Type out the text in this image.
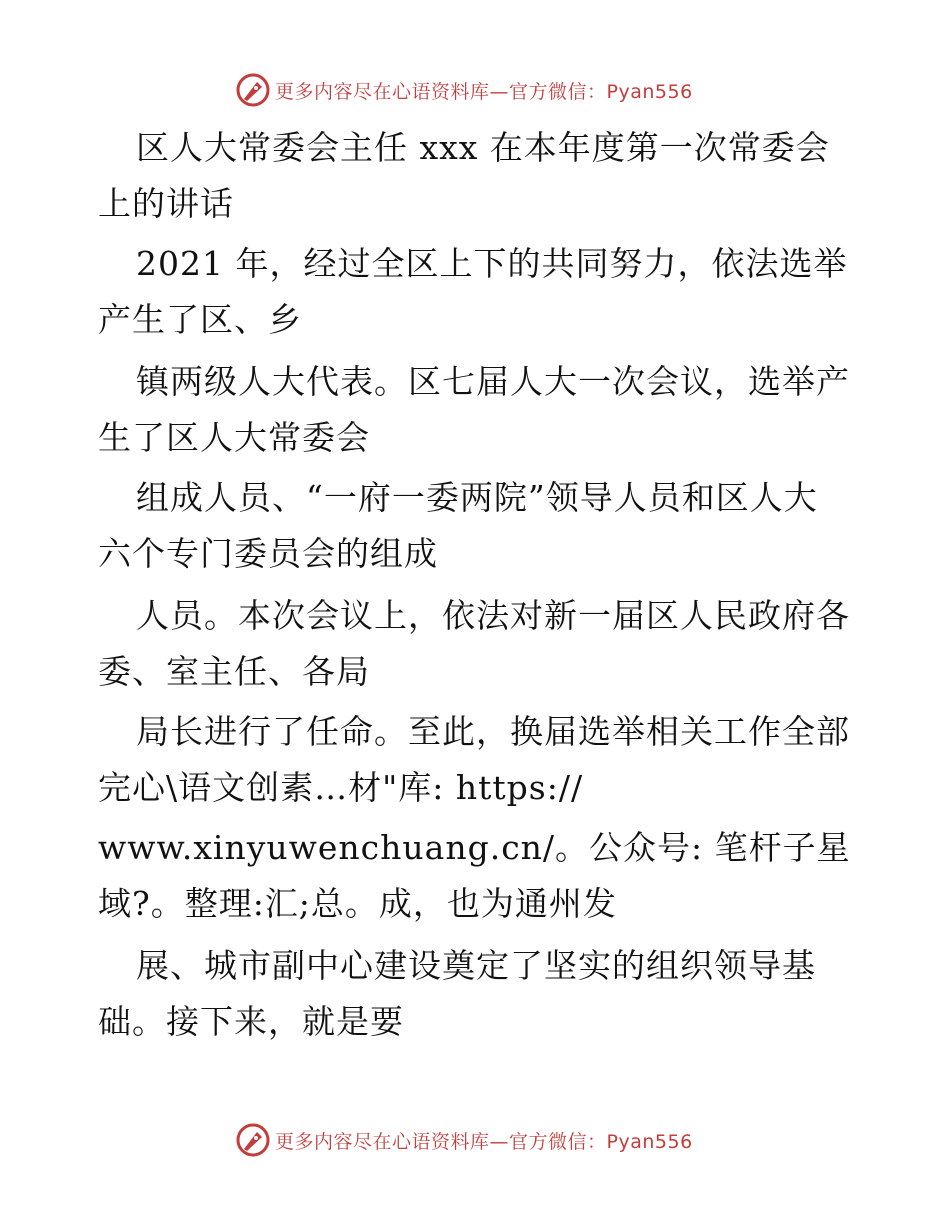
更多内容尽在心语资料库—官方微信：Pyan556
区人大常委会主任 xxx 在本年度第一次常委会
上的讲话
2021 年，经过全区上下的共同努力，依法选举
产生了区、乡
镇两级人大代表。区七届人大一次会议，选举产
生了区人大常委会
组成人员、“一府一委两院”领导人员和区人大
六个专门委员会的组成
人员。本次会议上，依法对新一届区人民政府各
委、室主任、各局
局长进行了任命。至此，换届选举相关工作全部
完心\语文创素…材"库: https://
www.xinyuwenchuang.cn/。公众号: 笔杆子星
域?。整理:汇;总。成，也为通州发
展、城市副中心建设奠定了坚实的组织领导基
础。接下来，就是要
更多内容尽在心语资料库—官方微信：Pyan556
